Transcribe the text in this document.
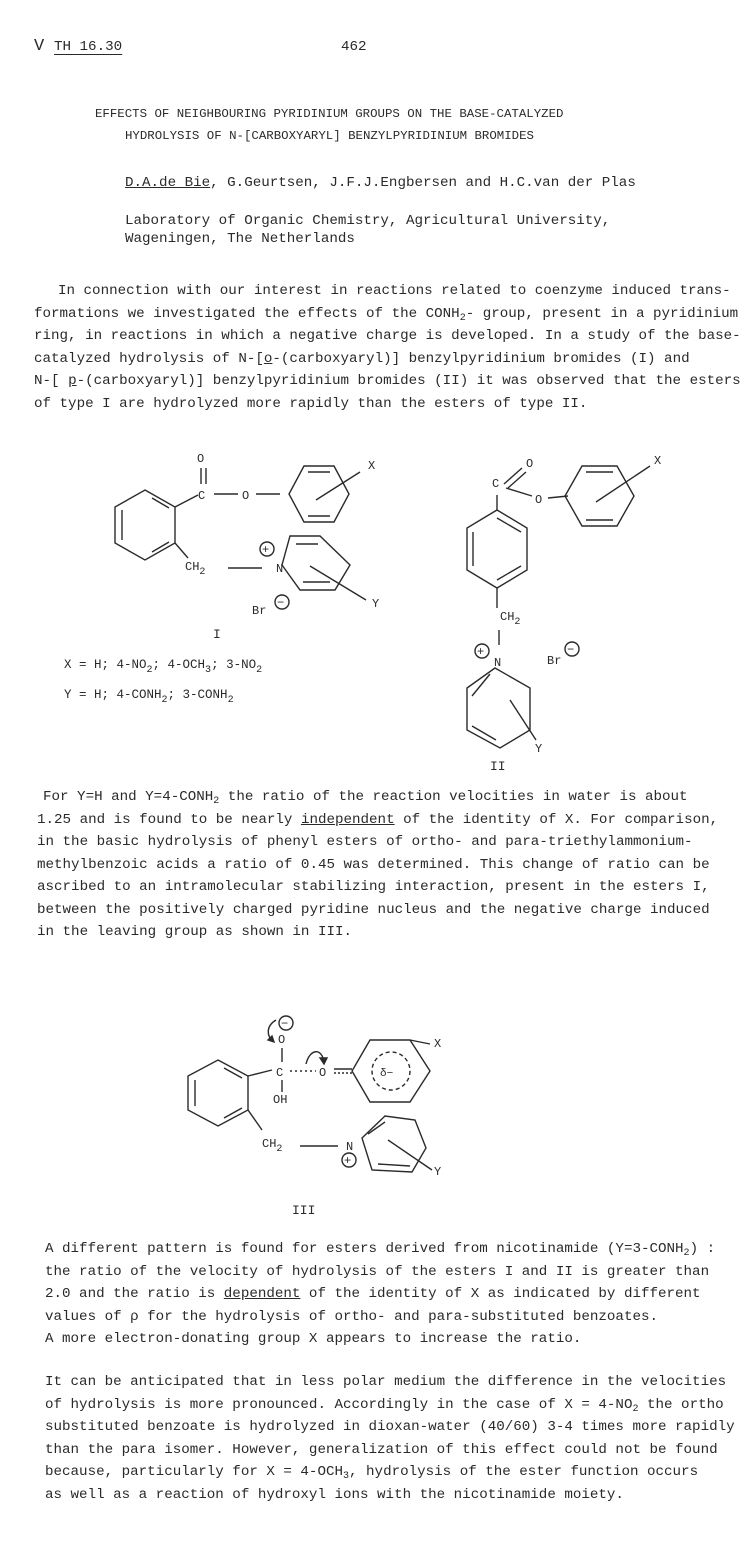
V TH 16.30	462
EFFECTS OF NEIGHBOURING PYRIDINIUM GROUPS ON THE BASE-CATALYZED
HYDROLYSIS OF N-[CARBOXYARYL] BENZYLPYRIDINIUM BROMIDES
D.A.de Bie, G.Geurtsen, J.F.J.Engbersen and H.C.van der Plas
Laboratory of Organic Chemistry, Agricultural University,
Wageningen, The Netherlands
In connection with our interest in reactions related to coenzyme induced trans-
formations we investigated the effects of the $CONH_2-$ group, present in a pyridinium
ring, in reactions in which a negative charge is developed. In a study of the base-
catalyzed hydrolysis of N-[o-(carboxyaryl)] benzylpyridinium bromides (I) and
N-[ p-(carboxyaryl)] benzylpyridinium bromides (II) it was observed that the esters
of type I are hydrolyzed more rapidly than the esters of type II.
O
C	O
X
$CH_2$	N
+
Y
Br
−
I
X = H; $4-NO_2$; $4-OCH_3$; $3-NO_2$
Y = H; $4-CONH_2$; $3-CONH_2$
O
C
O
X
$CH_2$
N
+
Y
Br
−
II
For Y=H and $Y=4-CONH_2$ the ratio of the reaction velocities in water is about
1.25 and is found to be nearly independent of the identity of X. For comparison,
in the basic hydrolysis of phenyl esters of ortho- and para-triethylammonium-
methylbenzoic acids a ratio of 0.45 was determined. This change of ratio can be
ascribed to an intramolecular stabilizing interaction, present in the esters I,
between the positively charged pyridine nucleus and the negative charge induced
in the leaving group as shown in III.
−
O
C	O
OH
δ−
X
$CH_2$	N
+
Y
III
A different pattern is found for esters derived from nicotinamide $(Y=3-CONH_2)$ :
the ratio of the velocity of hydrolysis of the esters I and II is greater than
2.0 and the ratio is dependent of the identity of X as indicated by different
values of ρ for the hydrolysis of ortho- and para-substituted benzoates.
A more electron-donating group X appears to increase the ratio.
It can be anticipated that in less polar medium the difference in the velocities
of hydrolysis is more pronounced. Accordingly in the case of $X = 4-NO_2$ the ortho
substituted benzoate is hydrolyzed in dioxan-water (40/60) 3-4 times more rapidly
than the para isomer. However, generalization of this effect could not be found
because, particularly for $X = 4-OCH_3$, hydrolysis of the ester function occurs
as well as a reaction of hydroxyl ions with the nicotinamide moiety.
